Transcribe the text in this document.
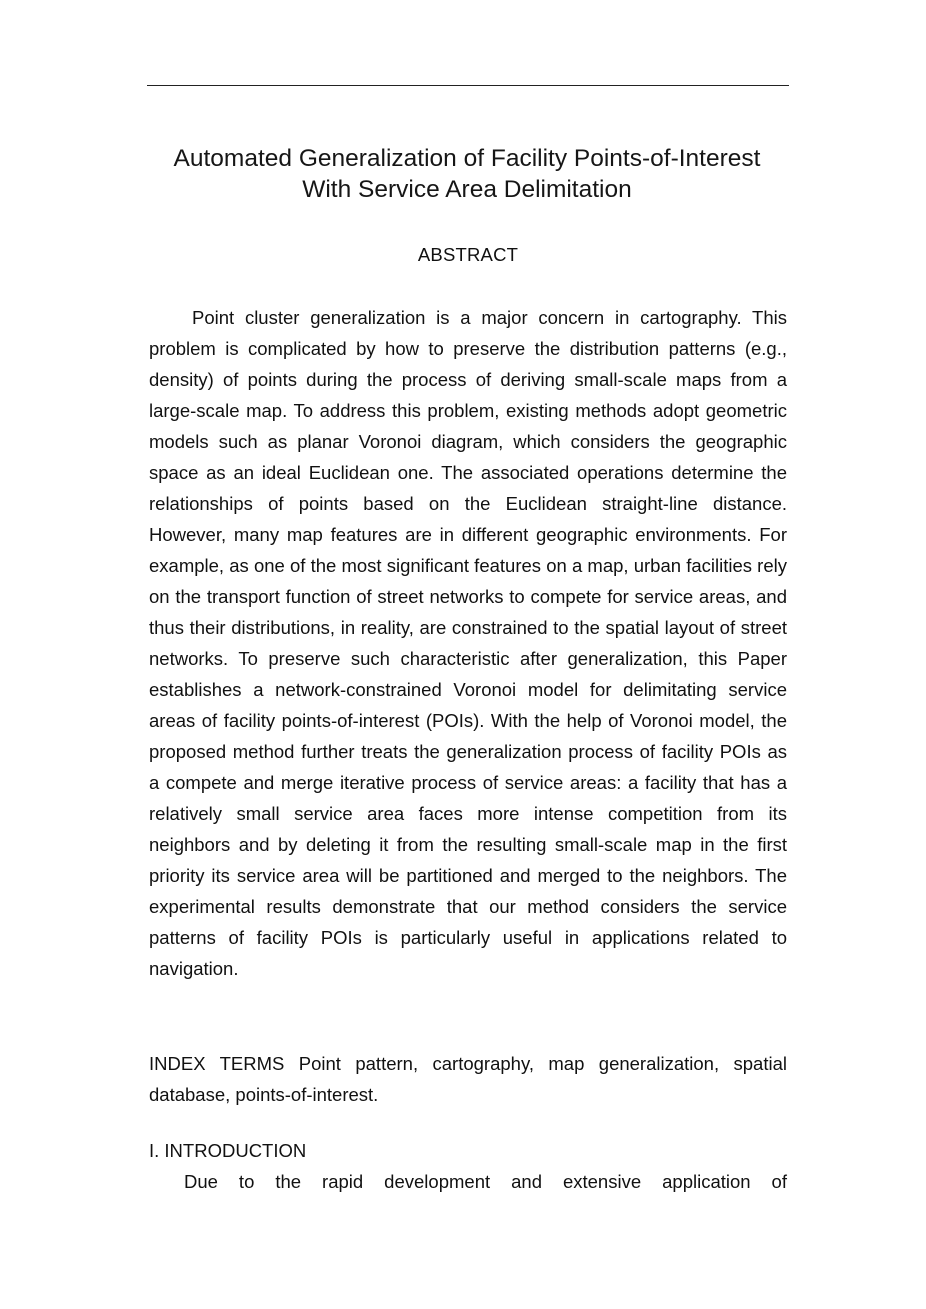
Automated Generalization of Facility Points-of-Interest
With Service Area Delimitation
ABSTRACT
Point cluster generalization is a major concern in cartography. This problem is complicated by how to preserve the distribution patterns (e.g., density) of points during the process of deriving small-scale maps from a large-scale map. To address this problem, existing methods adopt geometric models such as planar Voronoi diagram, which considers the geographic space as an ideal Euclidean one. The associated operations determine the relationships of points based on the Euclidean straight-line distance. However, many map features are in different geographic environments. For example, as one of the most significant features on a map, urban facilities rely on the transport function of street networks to compete for service areas, and thus their distributions, in reality, are constrained to the spatial layout of street networks. To preserve such characteristic after generalization, this Paper establishes a network-constrained Voronoi model for delimitating service areas of facility points-of-interest (POIs). With the help of Voronoi model, the proposed method further treats the generalization process of facility POIs as a compete and merge iterative process of service areas: a facility that has a relatively small service area faces more intense competition from its neighbors and by deleting it from the resulting small-scale map in the first priority its service area will be partitioned and merged to the neighbors. The experimental results demonstrate that our method considers the service patterns of facility POIs is particularly useful in applications related to navigation.
INDEX TERMS Point pattern, cartography, map generalization, spatial database, points-of-interest.
I. INTRODUCTION
Due to the rapid development and extensive application of
